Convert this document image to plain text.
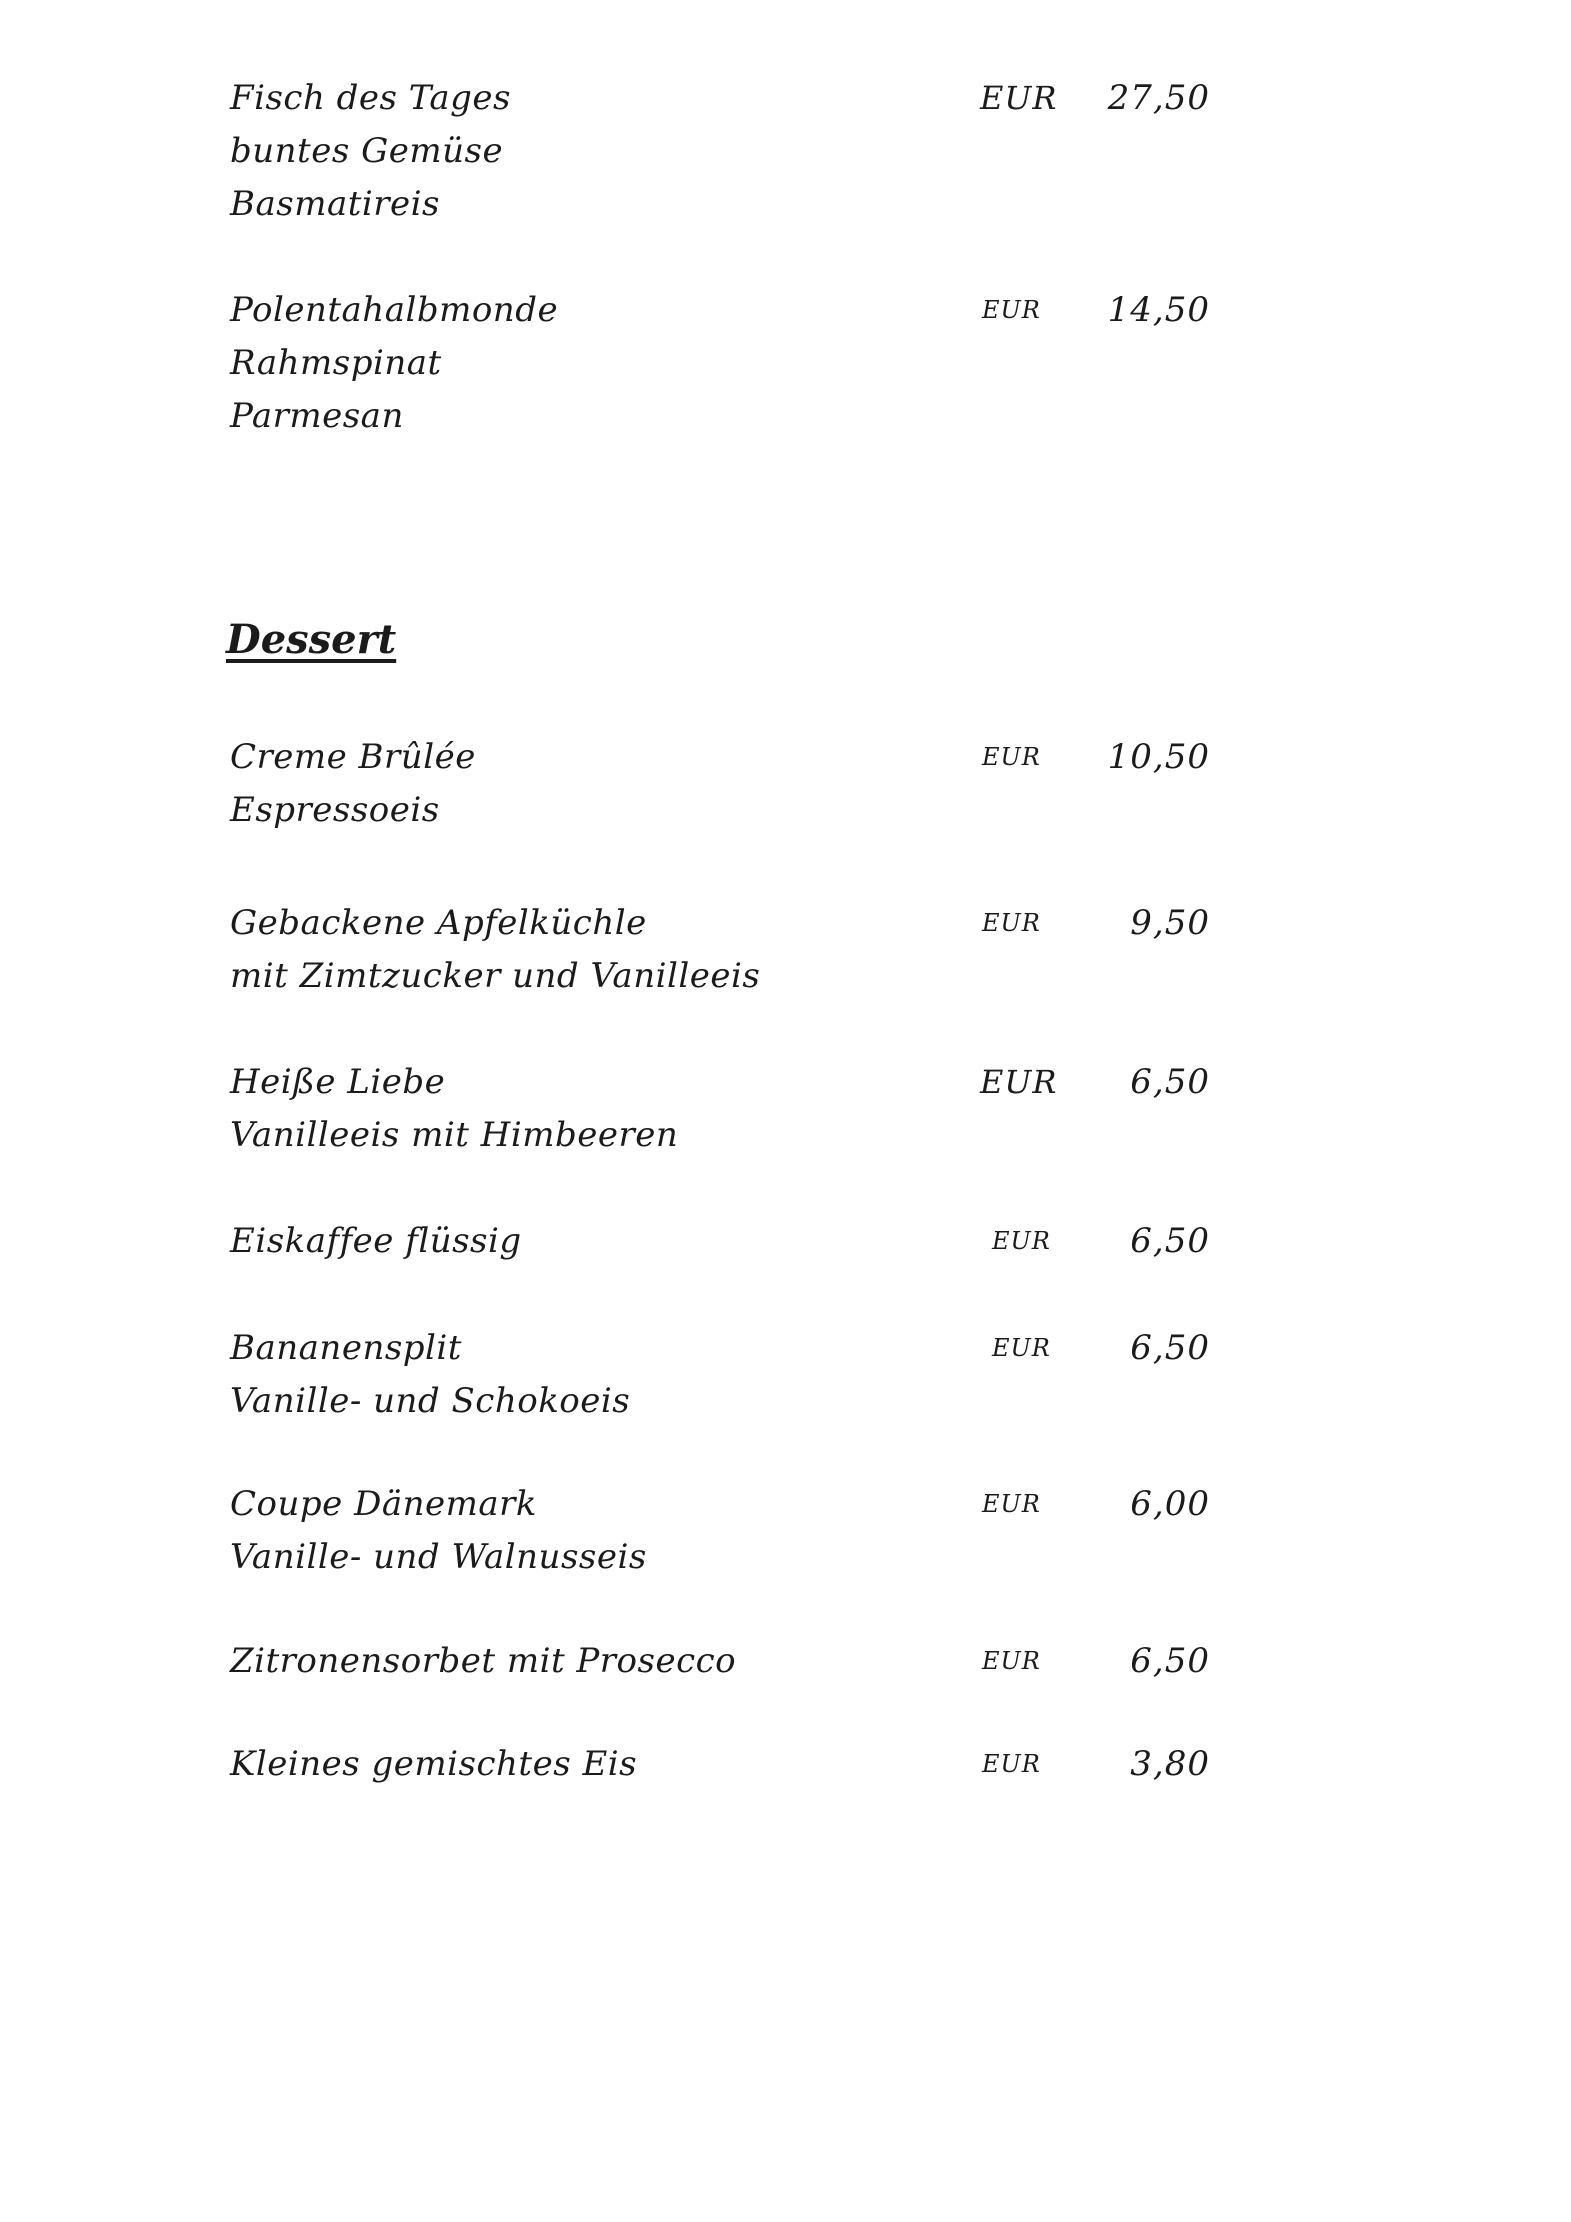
Fisch des Tages
buntes Gemüse
Basmatireis
EUR	27,50
Polentahalbmonde
Rahmspinat
Parmesan
EUR	14,50
Dessert
Creme Brûlée
Espressoeis
EUR	10,50
Gebackene Apfelküchle
mit Zimtzucker und Vanilleeis
EUR	9,50
Heiße Liebe
Vanilleeis mit Himbeeren
EUR	6,50
Eiskaffee flüssig	EUR	6,50
Bananensplit
Vanille- und Schokoeis
EUR	6,50
Coupe Dänemark
Vanille- und Walnusseis
EUR	6,00
Zitronensorbet mit Prosecco	EUR	6,50
Kleines gemischtes Eis	EUR	3,80
